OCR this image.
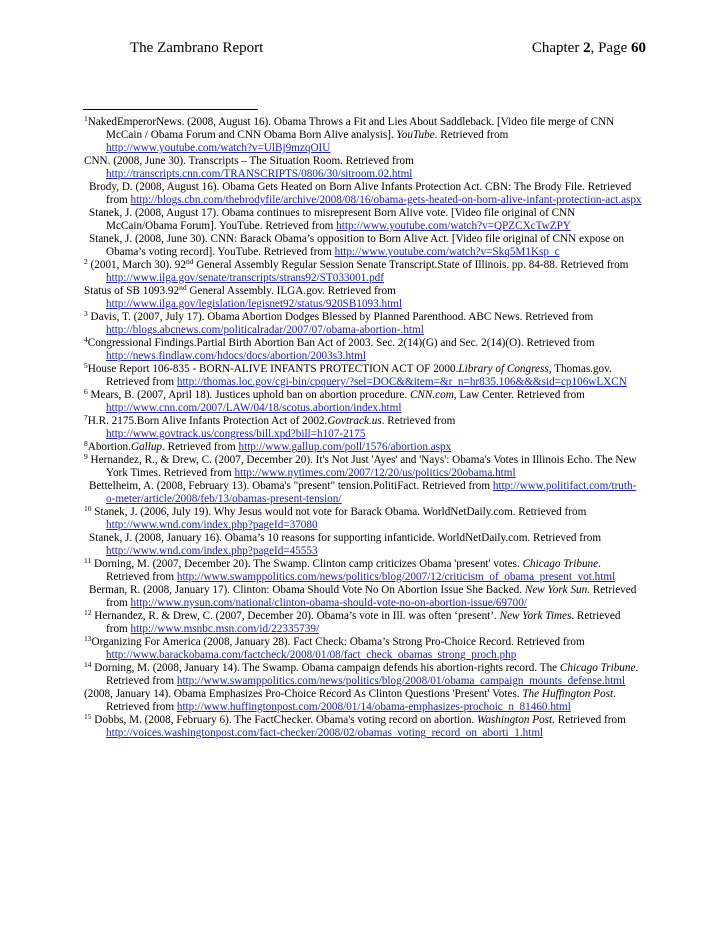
The Zambrano Report	Chapter 2, Page 60

$^1$NakedEmperorNews. (2008, August 16). Obama Throws a Fit and Lies About Saddleback. [Video file merge of CNN McCain / Obama Forum and CNN Obama Born Alive analysis]. YouTube. Retrieved from http://www.youtube.com/watch?v=UlBj9mzqOIU

CNN. (2008, June 30). Transcripts – The Situation Room. Retrieved from http://transcripts.cnn.com/TRANSCRIPTS/0806/30/sitroom.02.html

Brody, D. (2008, August 16). Obama Gets Heated on Born Alive Infants Protection Act. CBN: The Brody File. Retrieved from http://blogs.cbn.com/thebrodyfile/archive/2008/08/16/obama-gets-heated-on-born-alive-infant-protection-act.aspx

Stanek, J. (2008, August 17). Obama continues to misrepresent Born Alive vote. [Video file original of CNN McCain/Obama Forum]. YouTube. Retrieved from http://www.youtube.com/watch?v=QPZCXcTwZPY

Stanek, J. (2008, June 30). CNN: Barack Obama’s opposition to Born Alive Act. [Video file original of CNN expose on Obama’s voting record]. YouTube. Retrieved from http://www.youtube.com/watch?v=Skq5M1Ksp_c

$^2$ (2001, March 30). 92nd General Assembly Regular Session Senate Transcript.State of Illinois. pp. 84-88. Retrieved from http://www.ilga.gov/senate/transcripts/strans92/ST033001.pdf

Status of SB 1093.92nd General Assembly. ILGA.gov. Retrieved from http://www.ilga.gov/legislation/legisnet92/status/920SB1093.html

$^3$ Davis, T. (2007, July 17). Obama Abortion Dodges Blessed by Planned Parenthood. ABC News. Retrieved from http://blogs.abcnews.com/politicalradar/2007/07/obama-abortion-.html

$^4$Congressional Findings.Partial Birth Abortion Ban Act of 2003. Sec. 2(14)(G) and Sec. 2(14)(O). Retrieved from http://news.findlaw.com/hdocs/docs/abortion/2003s3.html

$^5$House Report 106-835 - BORN-ALIVE INFANTS PROTECTION ACT OF 2000.Library of Congress, Thomas.gov. Retrieved from http://thomas.loc.gov/cgi-bin/cpquery/?sel=DOC&&item=&r_n=hr835.106&&&sid=cp106wLXCN

$^6$ Mears, B. (2007, April 18). Justices uphold ban on abortion procedure. CNN.com, Law Center. Retrieved from http://www.cnn.com/2007/LAW/04/18/scotus.abortion/index.html

$^7$H.R. 2175.Born Alive Infants Protection Act of 2002.Govtrack.us. Retrieved from http://www.govtrack.us/congress/bill.xpd?bill=h107-2175

$^8$Abortion.Gallup. Retrieved from http://www.gallup.com/poll/1576/abortion.aspx

$^9$ Hernandez, R., & Drew, C. (2007, December 20). It's Not Just 'Ayes' and 'Nays': Obama's Votes in Illinois Echo. The New York Times. Retrieved from http://www.nytimes.com/2007/12/20/us/politics/20obama.html

Bettelheim, A. (2008, February 13). Obama's "present" tension.PolitiFact. Retrieved from http://www.politifact.com/truth-o-meter/article/2008/feb/13/obamas-present-tension/

$^{10}$ Stanek, J. (2006, July 19). Why Jesus would not vote for Barack Obama. WorldNetDaily.com. Retrieved from http://www.wnd.com/index.php?pageId=37080

Stanek, J. (2008, January 16). Obama’s 10 reasons for supporting infanticide. WorldNetDaily.com. Retrieved from http://www.wnd.com/index.php?pageId=45553

$^{11}$ Dorning, M. (2007, December 20). The Swamp. Clinton camp criticizes Obama 'present' votes. Chicago Tribune. Retrieved from http://www.swamppolitics.com/news/politics/blog/2007/12/criticism_of_obama_present_vot.html

Berman, R. (2008, January 17). Clinton: Obama Should Vote No On Abortion Issue She Backed. New York Sun. Retrieved from http://www.nysun.com/national/clinton-obama-should-vote-no-on-abortion-issue/69700/

$^{12}$ Hernandez, R. & Drew, C. (2007, December 20). Obama’s vote in Ill. was often ‘present’. New York Times. Retrieved from http://www.msnbc.msn.com/id/22335739/

$^{13}$Organizing For America (2008, January 28). Fact Check: Obama’s Strong Pro-Choice Record. Retrieved from http://www.barackobama.com/factcheck/2008/01/08/fact_check_obamas_strong_proch.php

$^{14}$ Dorning, M. (2008, January 14). The Swamp. Obama campaign defends his abortion-rights record. The Chicago Tribune. Retrieved from http://www.swamppolitics.com/news/politics/blog/2008/01/obama_campaign_mounts_defense.html

(2008, January 14). Obama Emphasizes Pro-Choice Record As Clinton Questions 'Present' Votes. The Huffington Post. Retrieved from http://www.huffingtonpost.com/2008/01/14/obama-emphasizes-prochoic_n_81460.html

$^{15}$ Dobbs, M. (2008, February 6). The FactChecker. Obama's voting record on abortion. Washington Post. Retrieved from http://voices.washingtonpost.com/fact-checker/2008/02/obamas_voting_record_on_aborti_1.html
